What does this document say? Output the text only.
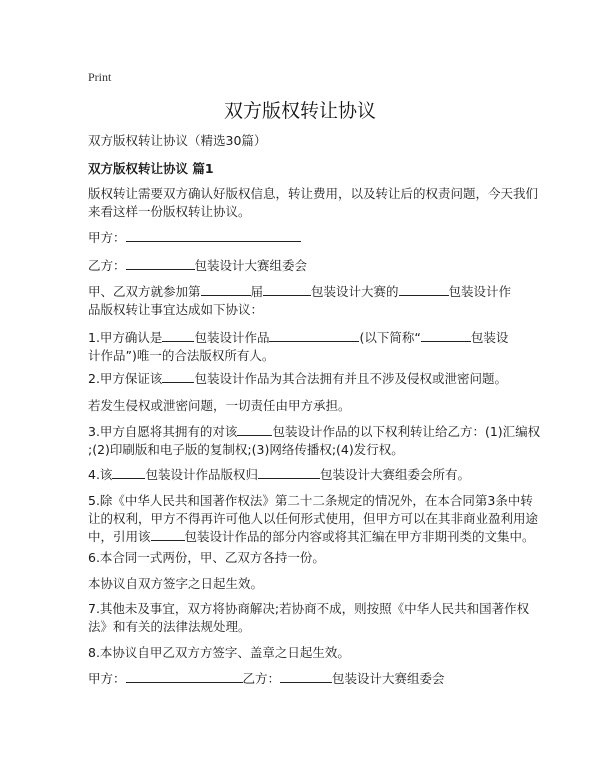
Print
双方版权转让协议
双方版权转让协议（精选30篇）
双方版权转让协议 篇1
版权转让需要双方确认好版权信息，转让费用，以及转让后的权责问题，今天我们
来看这样一份版权转让协议。
甲方：
乙方：	包装设计大赛组委会
甲、乙双方就参加第	届	包装设计大赛的	包装设计作
品版权转让事宜达成如下协议：
1.甲方确认是	包装设计作品	(以下简称“	包装设
计作品”)唯一的合法版权所有人。
2.甲方保证该	包装设计作品为其合法拥有并且不涉及侵权或泄密问题。
若发生侵权或泄密问题，一切责任由甲方承担。
3.甲方自愿将其拥有的对该	包装设计作品的以下权利转让给乙方：(1)汇编权
;(2)印刷版和电子版的复制权;(3)网络传播权;(4)发行权。
4.该	包装设计作品版权归	包装设计大赛组委会所有。
5.除《中华人民共和国著作权法》第二十二条规定的情况外，在本合同第3条中转
让的权利，甲方不得再许可他人以任何形式使用，但甲方可以在其非商业盈利用途
中，引用该	包装设计作品的部分内容或将其汇编在甲方非期刊类的文集中。
6.本合同一式两份，甲、乙双方各持一份。
本协议自双方签字之日起生效。
7.其他未及事宜，双方将协商解决;若协商不成，则按照《中华人民共和国著作权
法》和有关的法律法规处理。
8.本协议自甲乙双方方签字、盖章之日起生效。
甲方：	乙方：	包装设计大赛组委会
